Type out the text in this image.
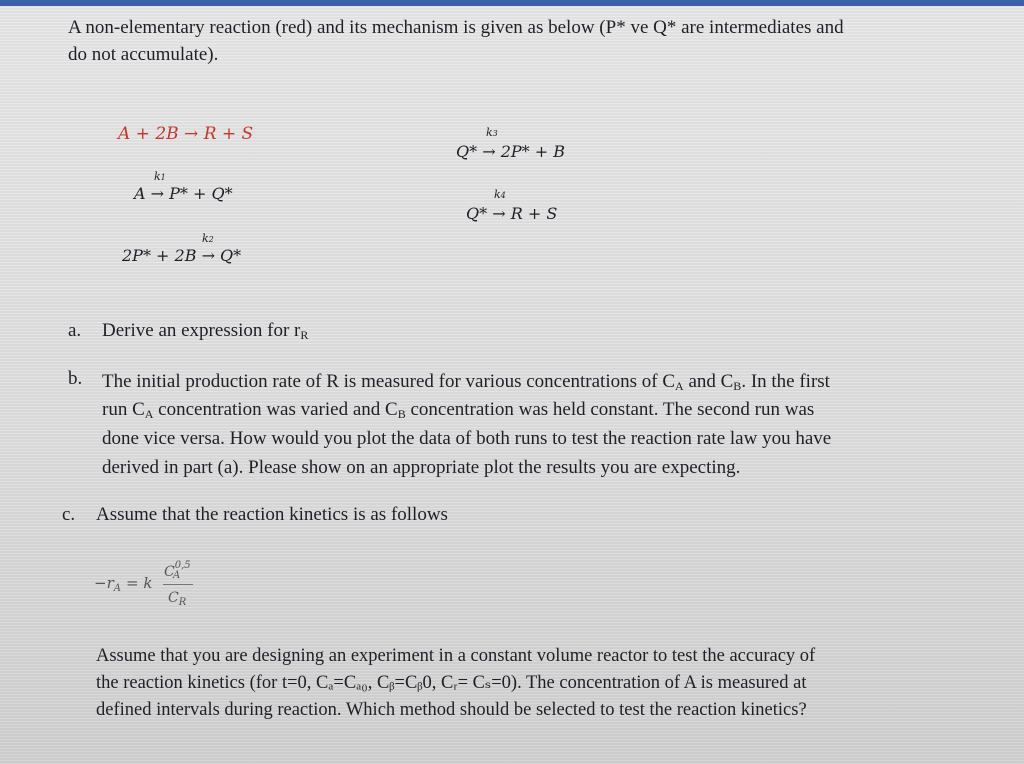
A non-elementary reaction (red) and its mechanism is given as below (P* ve Q* are intermediates and
do not accumulate).
A + 2B → R + S
k1
A → P* + Q*
k2
2P* + 2B → Q*
k3
Q* → 2P* + B
k4
Q* → R + S
a. Derive an expression for $r_R$
b. The initial production rate of R is measured for various concentrations of $C_A$ and $C_B$. In the first
run $C_A$ concentration was varied and $C_B$ concentration was held constant. The second run was
done vice versa. How would you plot the data of both runs to test the reaction rate law you have
derived in part (a). Please show on an appropriate plot the results you are expecting.
c. Assume that the reaction kinetics is as follows
$-r_A = k$
C$^{0,5}$
A
$C_R$
Assume that you are designing an experiment in a constant volume reactor to test the accuracy of
the reaction kinetics (for t=0, Cₐ=Cₐ₀, Cᵦ=Cᵦ0, Cᵣ= Cₛ=0). The concentration of A is measured at
defined intervals during reaction. Which method should be selected to test the reaction kinetics?
